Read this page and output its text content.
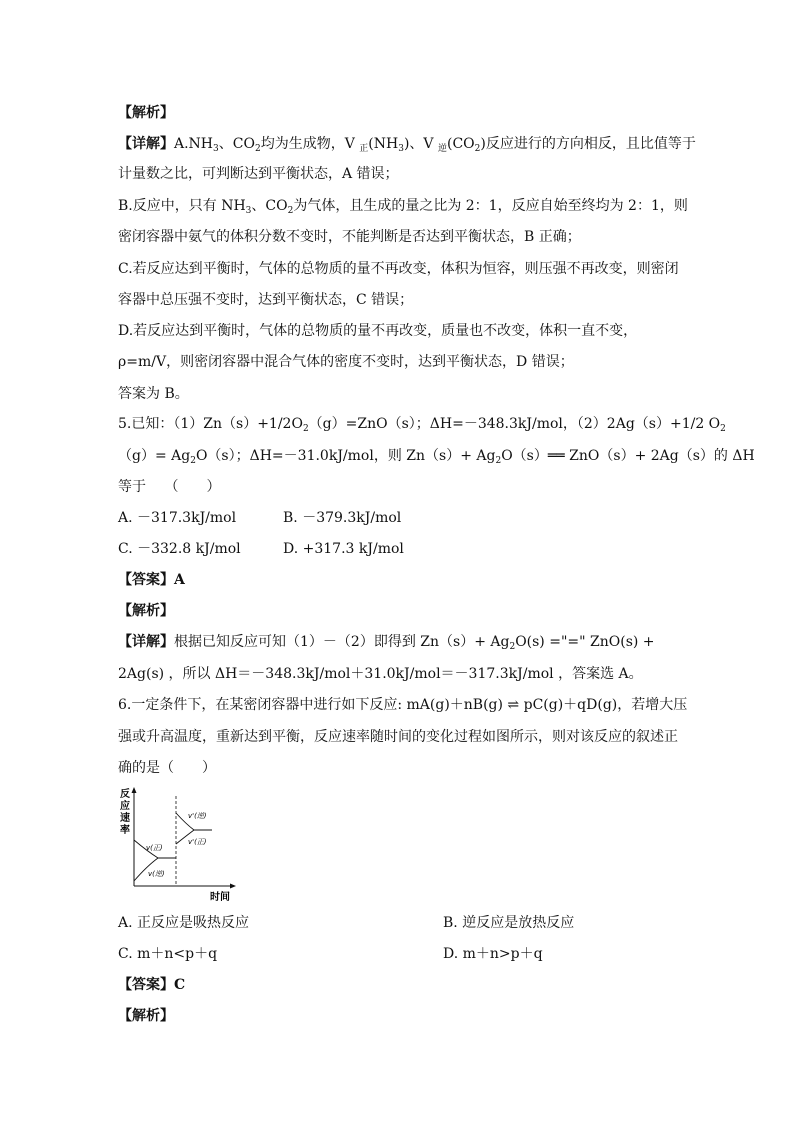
【解析】
【详解】$A.NH_3$、$CO_2$均为生成物，V $_正(NH_3)$、V $_逆(CO_2)$反应进行的方向相反，且比值等于
计量数之比，可判断达到平衡状态，A 错误；
B.反应中，只有 $NH_3$、$CO_2$为气体，且生成的量之比为 2：1，反应自始至终均为 2：1，则
密闭容器中氨气的体积分数不变时，不能判断是否达到平衡状态，B 正确；
C.若反应达到平衡时，气体的总物质的量不再改变，体积为恒容，则压强不再改变，则密闭
容器中总压强不变时，达到平衡状态，C 错误；
D.若反应达到平衡时，气体的总物质的量不再改变，质量也不改变，体积一直不变，
ρ=m/V，则密闭容器中混合气体的密度不变时，达到平衡状态，D 错误；
答案为 B。
5.已知：$(1)Zn(s)+1/2O_2(g)=ZnO(s)$；ΔH=－348.3kJ/mol，（2）2Ag（s）+1/2 $O_2$
$(g)= Ag_2O(s)$；ΔH=－31.0kJ/mol，则 $Zn(s)+ Ag_2O(s)══$ ZnO（s）+ 2Ag（s）的 ΔH
等于　 （　　）
【答案】A
【解析】
【详解】根据已知反应可知（1）－（2）即得到 $Zn(s)+ Ag_2O(s)$ ="=" ZnO(s) +
2Ag(s) ，所以 ΔH＝－348.3kJ/mol＋31.0kJ/mol＝－317.3kJ/mol ，答案选 A。
6.一定条件下，在某密闭容器中进行如下反应: mA(g)＋nB(g) ⇌ pC(g)＋qD(g)，若增大压
强或升高温度，重新达到平衡，反应速率随时间的变化过程如图所示，则对该反应的叙述正
确的是（　　）
【答案】C
【解析】
A. －317.3kJ/mol	B. －379.3kJ/mol
C. －332.8 kJ/mol	D. +317.3 kJ/mol
A. 正反应是吸热反应	B. 逆反应是放热反应
C. m＋n<p＋q	D. m＋n>p＋q
反
应
速
率
时间
v(正)
v(逆)
v'(逆)
v'(正)
